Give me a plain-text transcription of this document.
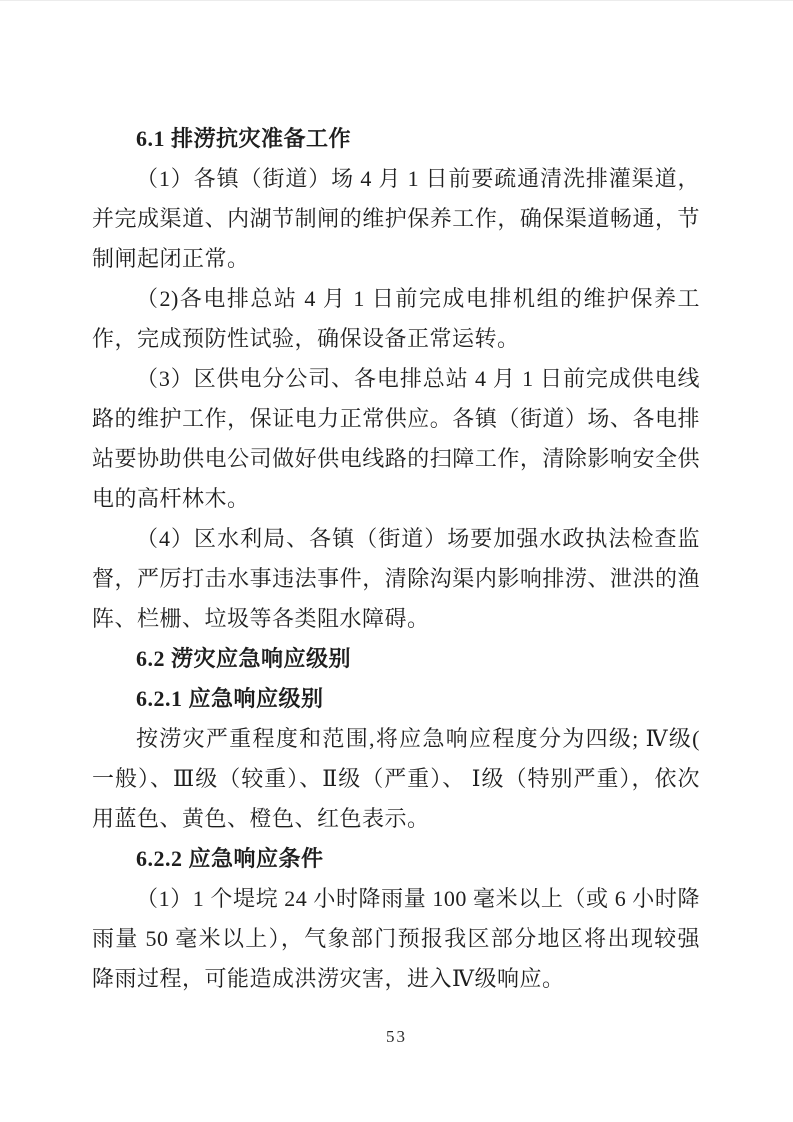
6.1 排涝抗灾准备工作

（1）各镇（街道）场 4 月 1 日前要疏通清洗排灌渠道，并完成渠道、内湖节制闸的维护保养工作，确保渠道畅通，节制闸起闭正常。

（2)各电排总站 4 月 1 日前完成电排机组的维护保养工作，完成预防性试验，确保设备正常运转。

（3）区供电分公司、各电排总站 4 月 1 日前完成供电线路的维护工作，保证电力正常供应。各镇（街道）场、各电排站要协助供电公司做好供电线路的扫障工作，清除影响安全供电的高杆林木。

（4）区水利局、各镇（街道）场要加强水政执法检查监督，严厉打击水事违法事件，清除沟渠内影响排涝、泄洪的渔阵、栏栅、垃圾等各类阻水障碍。

6.2 涝灾应急响应级别
6.2.1 应急响应级别

按涝灾严重程度和范围,将应急响应程度分为四级; Ⅳ级( 一般）、Ⅲ级（较重）、Ⅱ级（严重）、 Ⅰ级（特别严重），依次用蓝色、黄色、橙色、红色表示。

6.2.2 应急响应条件

（1）1 个堤垸 24 小时降雨量 100 毫米以上（或 6 小时降雨量 50 毫米以上），气象部门预报我区部分地区将出现较强降雨过程，可能造成洪涝灾害，进入Ⅳ级响应。

53
